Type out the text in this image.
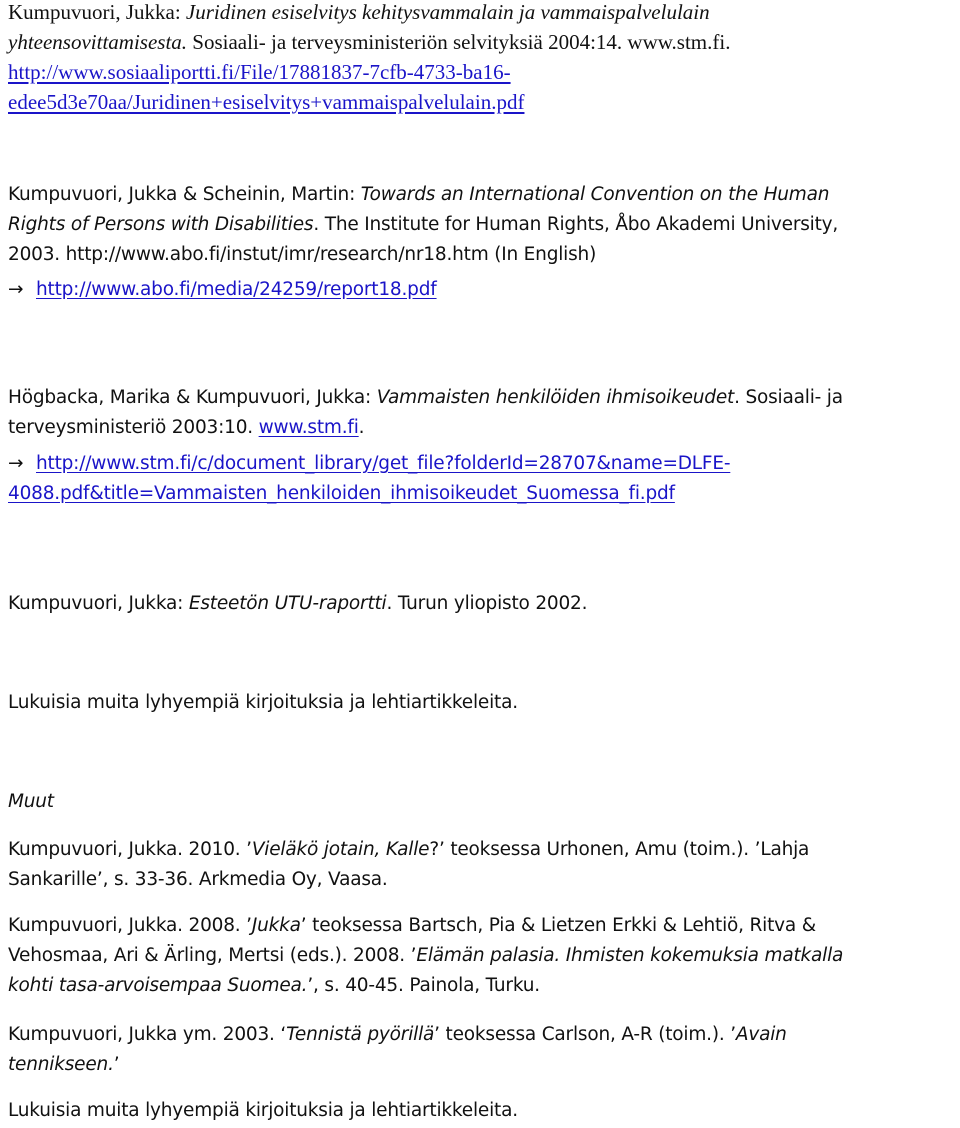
Kumpuvuori, Jukka: Juridinen esiselvitys kehitysvammalain ja vammaispalvelulain
yhteensovittamisesta. Sosiaali- ja terveysministeriön selvityksiä 2004:14. www.stm.fi.
http://www.sosiaaliportti.fi/File/17881837-7cfb-4733-ba16-
edee5d3e70aa/Juridinen+esiselvitys+vammaispalvelulain.pdf
Kumpuvuori, Jukka & Scheinin, Martin: Towards an International Convention on the Human
Rights of Persons with Disabilities. The Institute for Human Rights, Åbo Akademi University,
2003. http://www.abo.fi/instut/imr/research/nr18.htm (In English)
→ http://www.abo.fi/media/24259/report18.pdf
Högbacka, Marika & Kumpuvuori, Jukka: Vammaisten henkilöiden ihmisoikeudet. Sosiaali- ja
terveysministeriö 2003:10. www.stm.fi.
→ http://www.stm.fi/c/document_library/get_file?folderId=28707&name=DLFE-
4088.pdf&title=Vammaisten_henkiloiden_ihmisoikeudet_Suomessa_fi.pdf
Kumpuvuori, Jukka: Esteetön UTU-raportti. Turun yliopisto 2002.
Lukuisia muita lyhyempiä kirjoituksia ja lehtiartikkeleita.
Muut
Kumpuvuori, Jukka. 2010. ’Vieläkö jotain, Kalle?’ teoksessa Urhonen, Amu (toim.). ’Lahja
Sankarille’, s. 33-36. Arkmedia Oy, Vaasa.
Kumpuvuori, Jukka. 2008. ’Jukka’ teoksessa Bartsch, Pia & Lietzen Erkki & Lehtiö, Ritva &
Vehosmaa, Ari & Ärling, Mertsi (eds.). 2008. ’Elämän palasia. Ihmisten kokemuksia matkalla
kohti tasa-arvoisempaa Suomea.’, s. 40-45. Painola, Turku.
Kumpuvuori, Jukka ym. 2003. ‘Tennistä pyörillä’ teoksessa Carlson, A-R (toim.). ’Avain
tennikseen.’
Lukuisia muita lyhyempiä kirjoituksia ja lehtiartikkeleita.
